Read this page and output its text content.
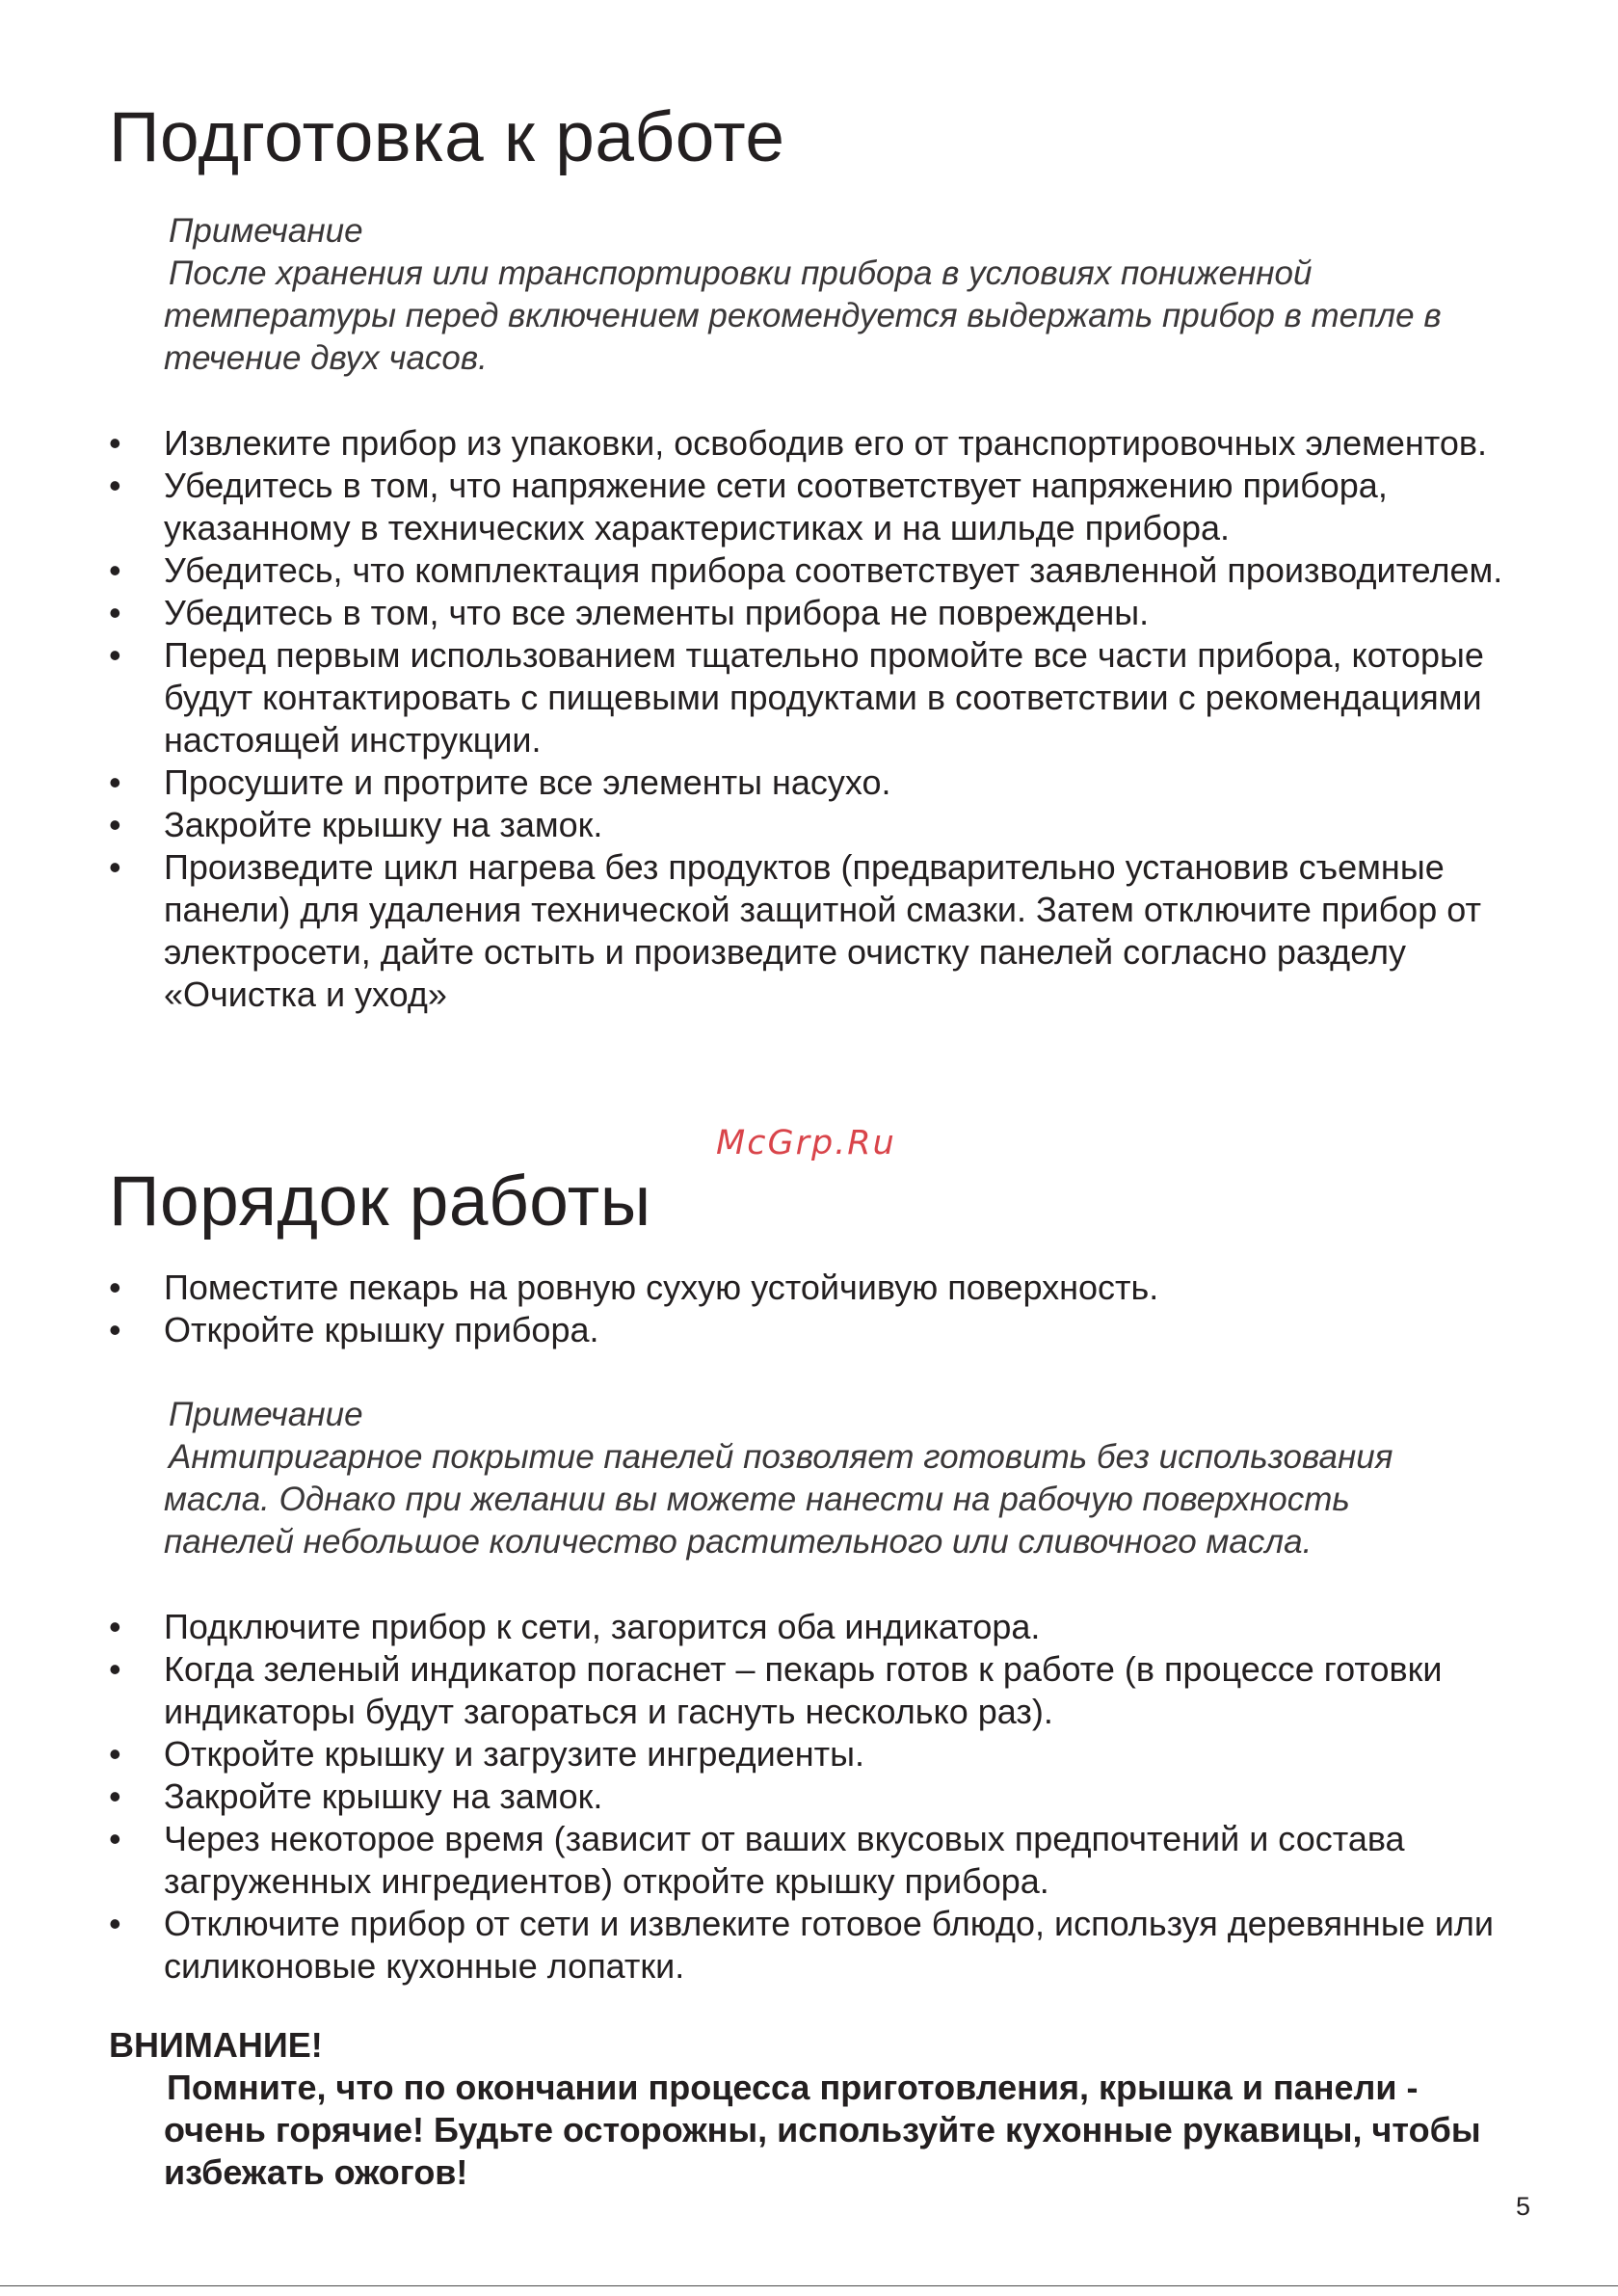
Подготовка к работе
Примечание
После хранения или транспортировки прибора в условиях пониженной температуры перед включением рекомендуется выдержать прибор в тепле в течение двух часов.
• Извлеките прибор из упаковки, освободив его от транспортировочных элементов.
• Убедитесь в том, что напряжение сети соответствует напряжению прибора, указанному в технических характеристиках и на шильде прибора.
• Убедитесь, что комплектация прибора соответствует заявленной производителем.
• Убедитесь в том, что все элементы прибора не повреждены.
• Перед первым использованием тщательно промойте все части прибора, которые будут контактировать с пищевыми продуктами в соответствии с рекомендациями настоящей инструкции.
• Просушите и протрите все элементы насухо.
• Закройте крышку на замок.
• Произведите цикл нагрева без продуктов (предварительно установив съемные панели) для удаления технической защитной смазки. Затем отключите прибор от электросети, дайте остыть и произведите очистку панелей согласно разделу «Очистка и уход»
McGrp.Ru
Порядок работы
• Поместите пекарь на ровную сухую устойчивую поверхность.
• Откройте крышку прибора.
Примечание
Антипригарное покрытие панелей позволяет готовить без использования масла. Однако при желании вы можете нанести на рабочую поверхность панелей небольшое количество растительного или сливочного масла.
• Подключите прибор к сети, загорится оба индикатора.
• Когда зеленый индикатор погаснет – пекарь готов к работе (в процессе готовки индикаторы будут загораться и гаснуть несколько раз).
• Откройте крышку и загрузите ингредиенты.
• Закройте крышку на замок.
• Через некоторое время (зависит от ваших вкусовых предпочтений и состава загруженных ингредиентов) откройте крышку прибора.
• Отключите прибор от сети и извлеките готовое блюдо, используя деревянные или силиконовые кухонные лопатки.
ВНИМАНИЕ!
Помните, что по окончании процесса приготовления, крышка и панели - очень горячие! Будьте осторожны, используйте кухонные рукавицы, чтобы избежать ожогов!
5
